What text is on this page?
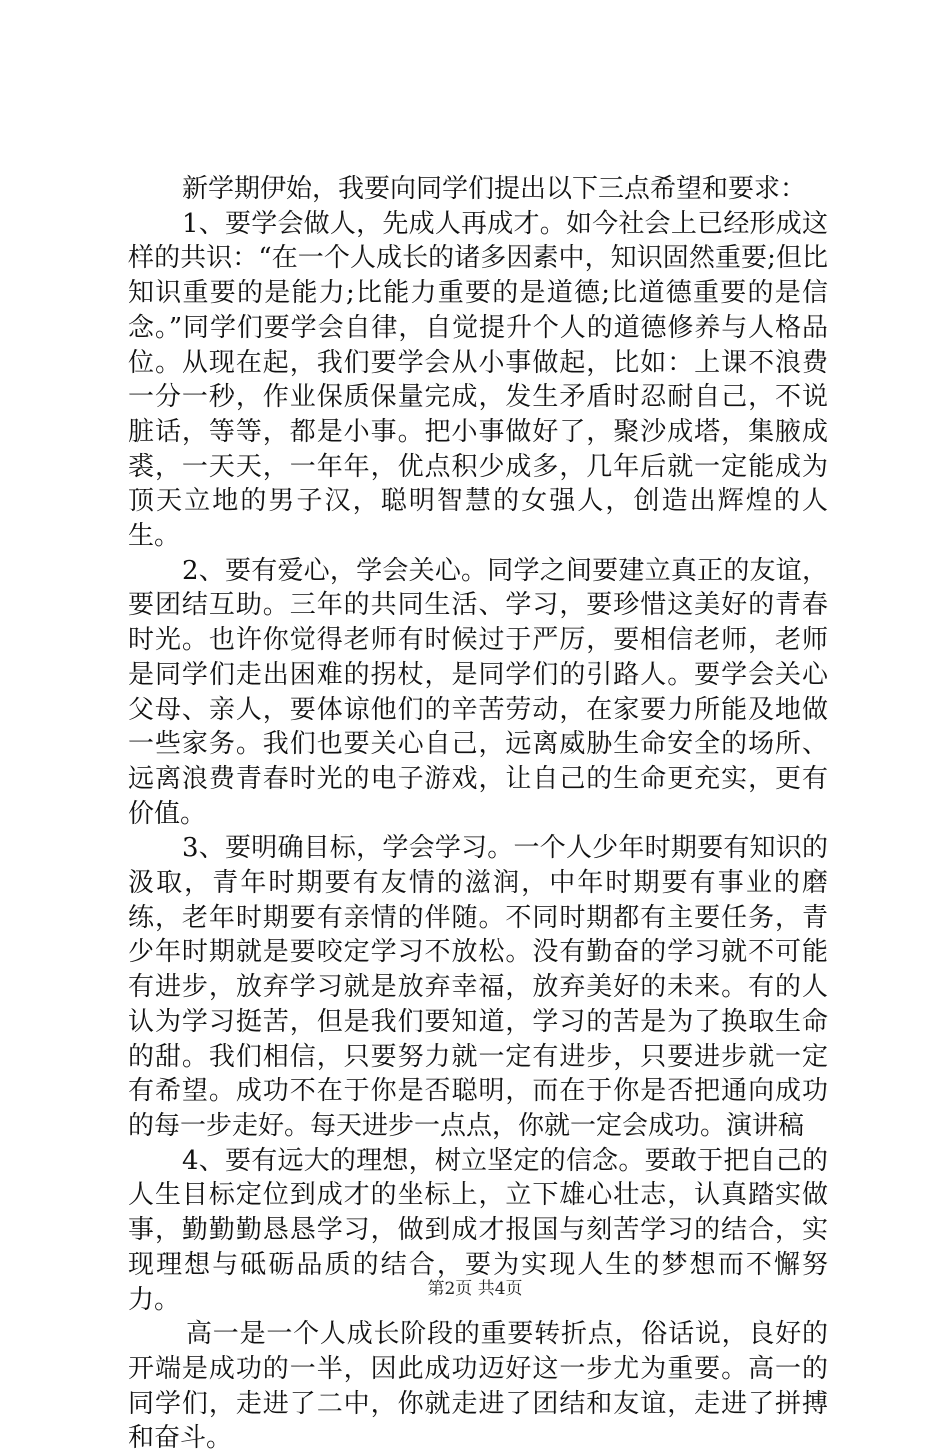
新学期伊始，我要向同学们提出以下三点希望和要求：

1、要学会做人，先成人再成才。如今社会上已经形成这样的共识：“在一个人成长的诸多因素中，知识固然重要;但比知识重要的是能力;比能力重要的是道德;比道德重要的是信念。”同学们要学会自律，自觉提升个人的道德修养与人格品位。从现在起，我们要学会从小事做起，比如：上课不浪费一分一秒，作业保质保量完成，发生矛盾时忍耐自己，不说脏话，等等，都是小事。把小事做好了，聚沙成塔，集腋成裘，一天天，一年年，优点积少成多，几年后就一定能成为顶天立地的男子汉，聪明智慧的女强人，创造出辉煌的人生。

2、要有爱心，学会关心。同学之间要建立真正的友谊，要团结互助。三年的共同生活、学习，要珍惜这美好的青春时光。也许你觉得老师有时候过于严厉，要相信老师，老师是同学们走出困难的拐杖，是同学们的引路人。要学会关心父母、亲人，要体谅他们的辛苦劳动，在家要力所能及地做一些家务。我们也要关心自己，远离威胁生命安全的场所、远离浪费青春时光的电子游戏，让自己的生命更充实，更有价值。

3、要明确目标，学会学习。一个人少年时期要有知识的汲取，青年时期要有友情的滋润，中年时期要有事业的磨练，老年时期要有亲情的伴随。不同时期都有主要任务，青少年时期就是要咬定学习不放松。没有勤奋的学习就不可能有进步，放弃学习就是放弃幸福，放弃美好的未来。有的人认为学习挺苦，但是我们要知道，学习的苦是为了换取生命的甜。我们相信，只要努力就一定有进步，只要进步就一定有希望。成功不在于你是否聪明，而在于你是否把通向成功的每一步走好。每天进步一点点，你就一定会成功。演讲稿

4、要有远大的理想，树立坚定的信念。要敢于把自己的人生目标定位到成才的坐标上，立下雄心壮志，认真踏实做事，勤勤勤恳恳学习，做到成才报国与刻苦学习的结合，实现理想与砥砺品质的结合，要为实现人生的梦想而不懈努力。

高一是一个人成长阶段的重要转折点，俗话说，良好的开端是成功的一半，因此成功迈好这一步尤为重要。高一的同学们，走进了二中，你就走进了团结和友谊，走进了拼搏和奋斗。

第2页 共4页
